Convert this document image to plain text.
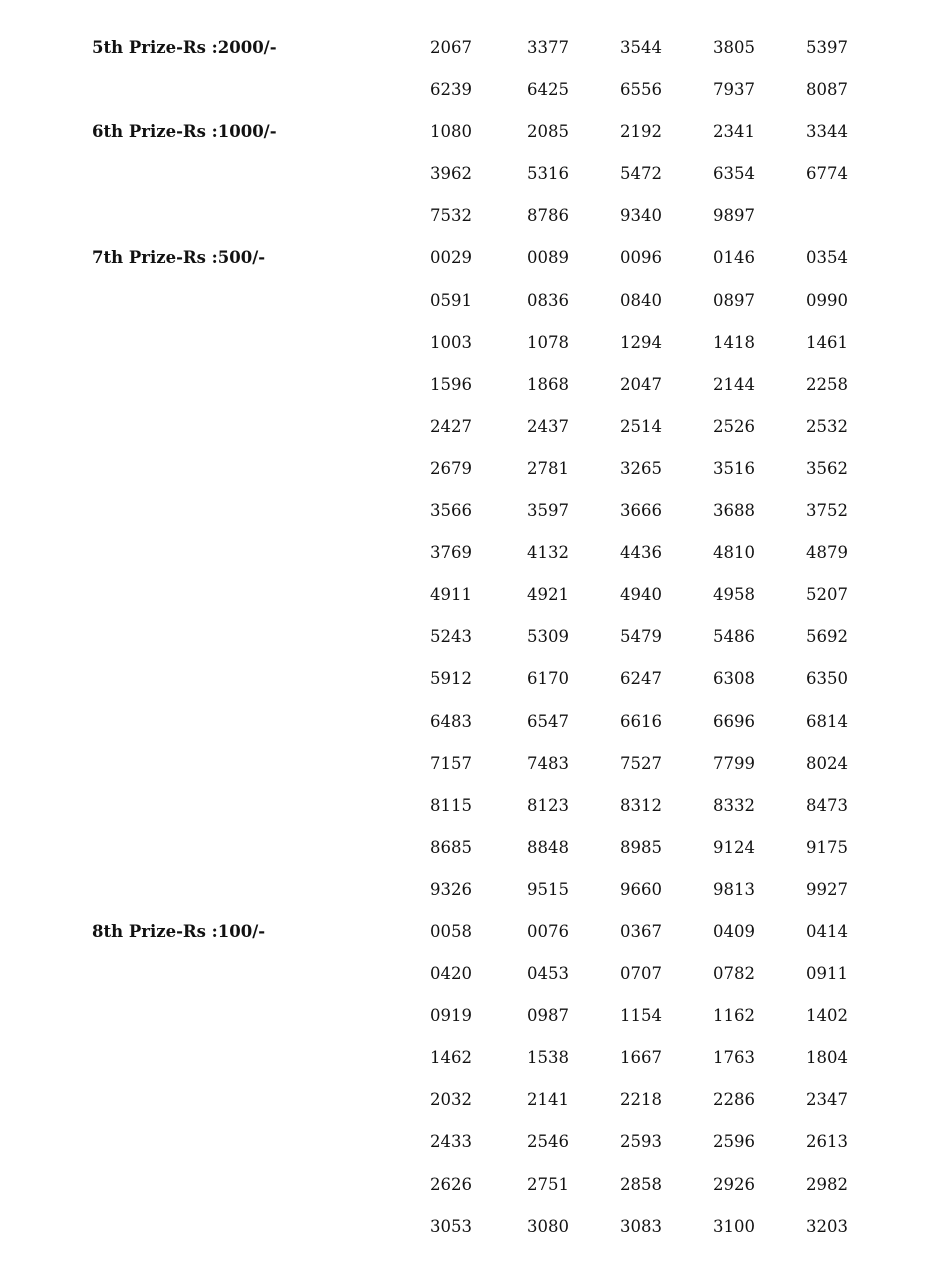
5th Prize-Rs :2000/-	2067	3377	3544	3805	5397
6239	6425	6556	7937	8087
6th Prize-Rs :1000/-	1080	2085	2192	2341	3344
3962	5316	5472	6354	6774
7532	8786	9340	9897
7th Prize-Rs :500/-	0029	0089	0096	0146	0354
0591	0836	0840	0897	0990
1003	1078	1294	1418	1461
1596	1868	2047	2144	2258
2427	2437	2514	2526	2532
2679	2781	3265	3516	3562
3566	3597	3666	3688	3752
3769	4132	4436	4810	4879
4911	4921	4940	4958	5207
5243	5309	5479	5486	5692
5912	6170	6247	6308	6350
6483	6547	6616	6696	6814
7157	7483	7527	7799	8024
8115	8123	8312	8332	8473
8685	8848	8985	9124	9175
9326	9515	9660	9813	9927
8th Prize-Rs :100/-	0058	0076	0367	0409	0414
0420	0453	0707	0782	0911
0919	0987	1154	1162	1402
1462	1538	1667	1763	1804
2032	2141	2218	2286	2347
2433	2546	2593	2596	2613
2626	2751	2858	2926	2982
3053	3080	3083	3100	3203
